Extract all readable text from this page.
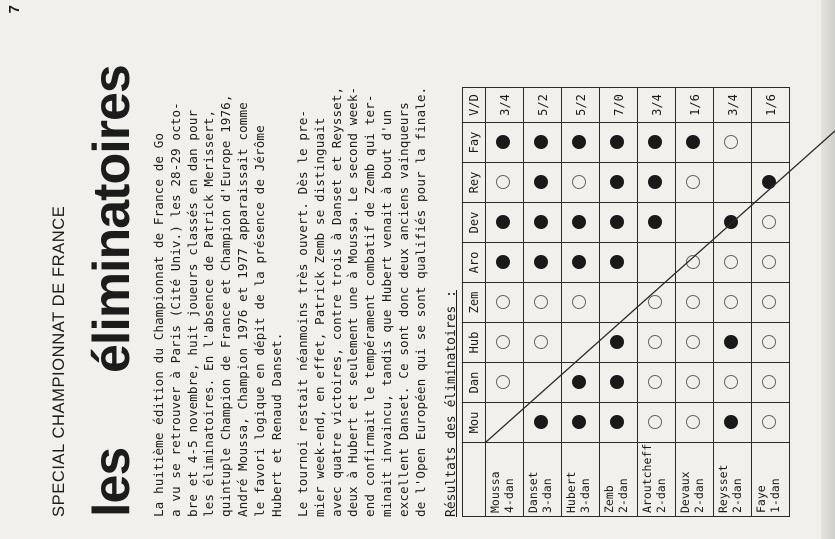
7
SPECIAL CHAMPIONNAT DE FRANCE les
éliminatoires La huitième édition du Championnat de France de Go a vu se retrouver à Paris (Cité Univ.) les 28-29 octo- bre et 4-5 novembre, huit joueurs classés en dan pour les éliminatoires. En l'absence de Patrick Merissert, quintuple Champion de France et Champion d'Europe 1976, André Moussa, Champion 1976 et 1977 apparaissait comme le favori logique en dépit de la présence de Jérôme Hubert et Renaud Danset. Le tournoi restait néanmoins très ouvert. Dès le pre- mier week-end, en effet, Patrick Zemb se distinguait avec quatre victoires, contre trois à Danset et Reysset, deux à Hubert et seulement une à Moussa. Le second week- end confirmait le tempérament combatif de Zemb qui ter- minait invaincu, tandis que Hubert venait à bout d'un excellent Danset. Ce sont donc deux anciens vainqueurs de l'Open Européen qui se sont qualifiés pour la finale. Résultats des éliminatoires :
	Mou	Dan	Hub	Zem	Aro	Dev	Rey	Fay	V/D

Moussa 4-dan									3/4

Danset 3-dan									5/2

Hubert 3-dan									5/2

Zemb 2-dan									7/0

Aroutcheff 2-dan									3/4

Devaux 2-dan									1/6

Reysset 2-dan									3/4

Faye 1-dan									1/6
